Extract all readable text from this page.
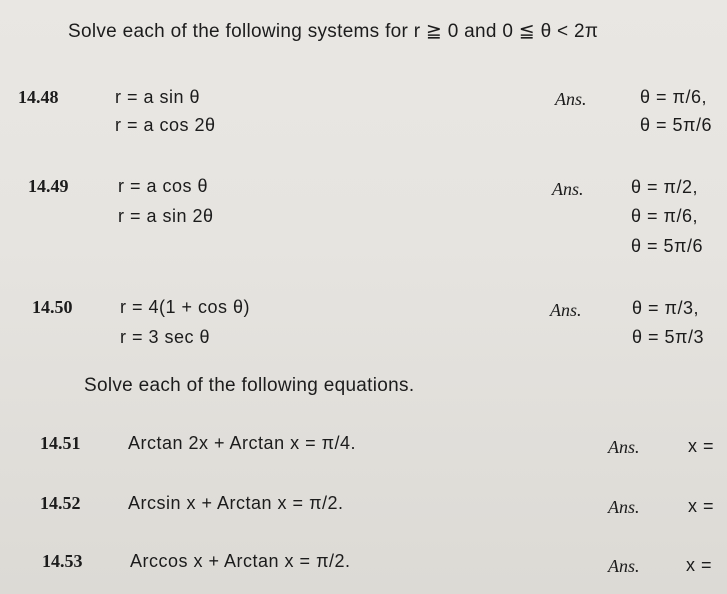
Solve each of the following systems for r ≧ 0 and 0 ≦ θ < 2π
14.48	r = a sin θ
r = a cos 2θ
Ans.	θ = π/6,
θ = 5π/6
14.49	r = a cos θ
r = a sin 2θ
Ans.	θ = π/2,
θ = π/6,
θ = 5π/6
14.50	r = 4(1 + cos θ)
r = 3 sec θ
Ans.	θ = π/3,
θ = 5π/3
Solve each of the following equations.
14.51	Arctan 2x + Arctan x = π/4.	Ans.	x =
14.52	Arcsin x + Arctan x = π/2.	Ans.	x =
14.53	Arccos x + Arctan x = π/2.	Ans.	x =
